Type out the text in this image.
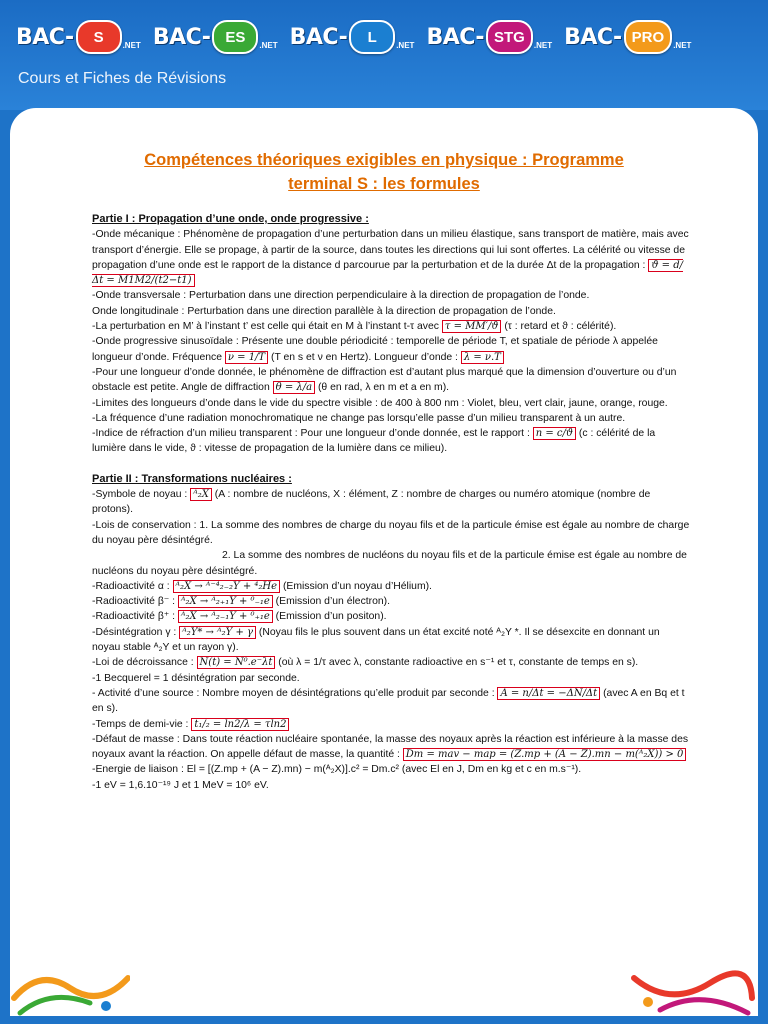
BAC-	S	.NET BAC- ES	.NET BAC-	L	.NET BAC- STG	.NET BAC- PRO	.NET
Cours et Fiches de Révisions
Compétences théoriques exigibles en physique : Programme
terminal S : les formules

Partie I : Propagation d’une onde, onde progressive :

-Onde mécanique : Phénomène de propagation d’une perturbation dans un milieu élastique, sans transport de matière, mais avec transport d’énergie. Elle se propage, à partir de la source, dans toutes les directions qui lui sont offertes. La célérité ou vitesse de propagation d’une onde est le rapport de la distance d parcourue par la perturbation et de la durée Δt de la propagation : ϑ = d/Δt = M1M2/(t2−t1)

-Onde transversale : Perturbation dans une direction perpendiculaire à la direction de propagation de l’onde.

Onde longitudinale : Perturbation dans une direction parallèle à la direction de propagation de l’onde.

-La perturbation en M’ à l’instant t’ est celle qui était en M à l’instant t-τ avec τ = MM′/ϑ (τ : retard et ϑ : célérité).

-Onde progressive sinusoïdale : Présente une double périodicité : temporelle de période T, et spatiale de période λ appelée longueur d’onde. Fréquence ν = 1/T (T en s et ν en Hertz). Longueur d’onde : λ = ν.T

-Pour une longueur d’onde donnée, le phénomène de diffraction est d’autant plus marqué que la dimension d’ouverture ou d’un obstacle est petite. Angle de diffraction θ = λ/a (θ en rad, λ en m et a en m).

-Limites des longueurs d’onde dans le vide du spectre visible : de 400 à 800 nm : Violet, bleu, vert clair, jaune, orange, rouge.

-La fréquence d’une radiation monochromatique ne change pas lorsqu’elle passe d’un milieu transparent à un autre.

-Indice de réfraction d’un milieu transparent : Pour une longueur d’onde donnée, est le rapport : n = c/ϑ (c : célérité de la lumière dans le vide, ϑ : vitesse de propagation de la lumière dans ce milieu).

Partie II : Transformations nucléaires :

-Symbole de noyau : ᴬ₂X (A : nombre de nucléons, X : élément, Z : nombre de charges ou numéro atomique (nombre de protons).

-Lois de conservation : 1. La somme des nombres de charge du noyau fils et de la particule émise est égale au nombre de charge du noyau père désintégré.

2. La somme des nombres de nucléons du noyau fils et de la particule émise est égale au nombre de nucléons du noyau père désintégré.

-Radioactivité α : ᴬ₂X → ᴬ⁻⁴₂₋₂Y + ⁴₂He (Emission d’un noyau d’Hélium).

-Radioactivité β⁻ : ᴬ₂X → ᴬ₂₊₁Y + ⁰₋₁e (Emission d’un électron).

-Radioactivité β⁺ : ᴬ₂X → ᴬ₂₋₁Y + ⁰₊₁e (Emission d’un positon).

-Désintégration γ : ᴬ₂Y* → ᴬ₂Y + γ (Noyau fils le plus souvent dans un état excité noté ᴬ₂Y *. Il se désexcite en donnant un noyau stable ᴬ₂Y et un rayon γ).

-Loi de décroissance : N(t) = N⁰.e⁻λt (où λ = 1/τ avec λ, constante radioactive en s⁻¹ et τ, constante de temps en s).

-1 Becquerel = 1 désintégration par seconde.

- Activité d’une source : Nombre moyen de désintégrations qu’elle produit par seconde : A = n/Δt = −ΔN/Δt (avec A en Bq et t en s).

-Temps de demi-vie : t₁/₂ = ln2/λ = τln2

-Défaut de masse : Dans toute réaction nucléaire spontanée, la masse des noyaux après la réaction est inférieure à la masse des noyaux avant la réaction. On appelle défaut de masse, la quantité : Dm = mav − map = (Z.mp + (A − Z).mn − m(ᴬ₂X)) > 0

-Energie de liaison : El = [(Z.mp + (A − Z).mn) − m(ᴬ₂X)].c² = Dm.c² (avec El en J, Dm en kg et c en m.s⁻¹).

-1 eV = 1,6.10⁻¹⁹ J et 1 MeV = 10⁶ eV.
